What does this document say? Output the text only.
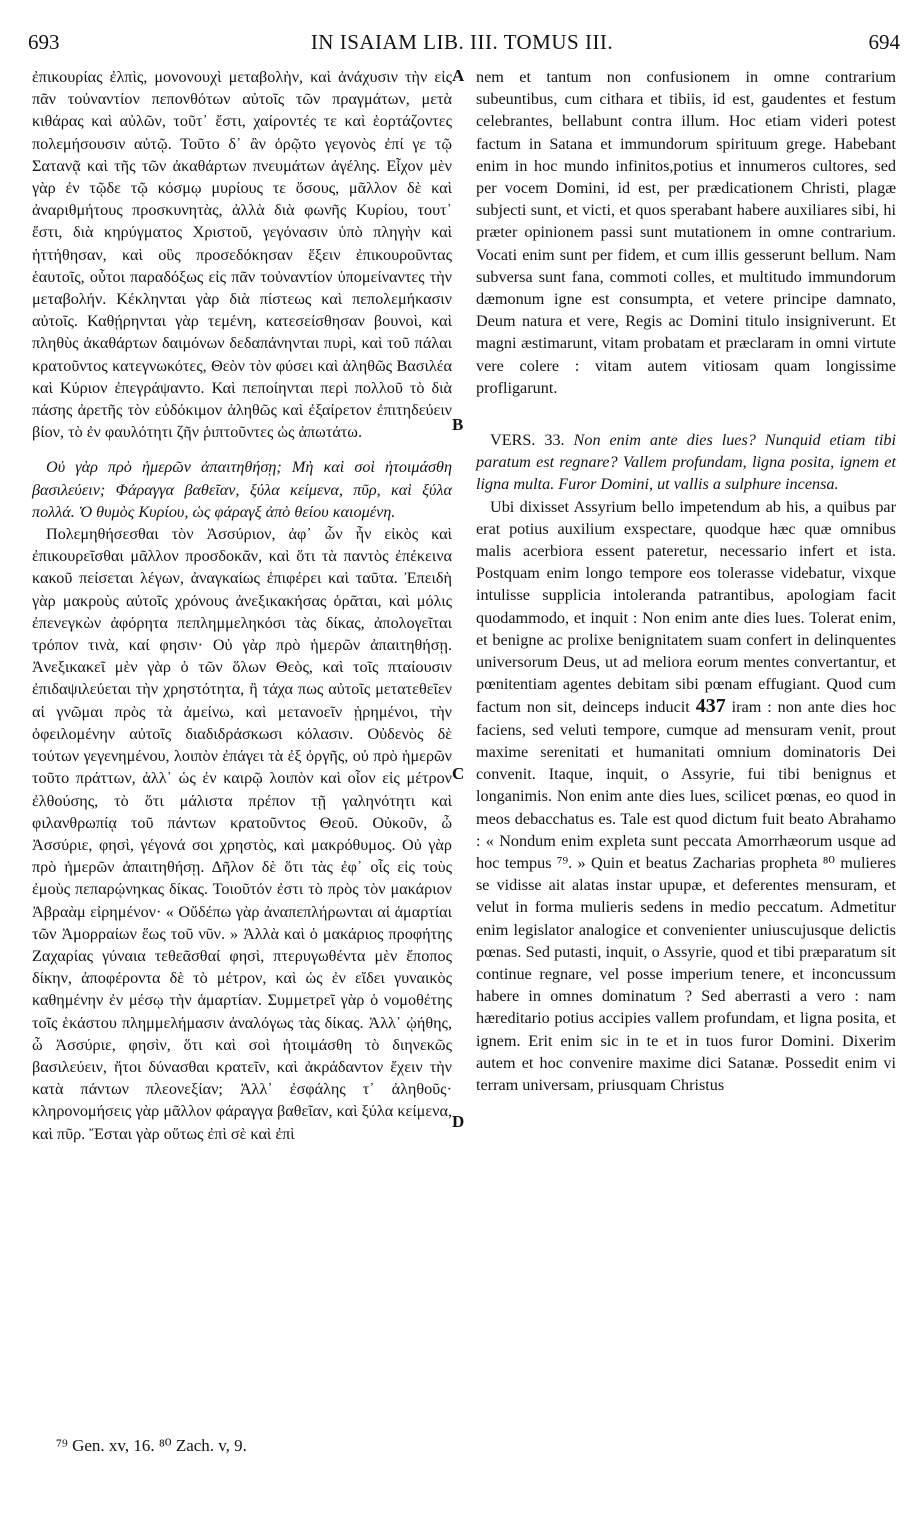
693	IN ISAIAM LIB. III. TOMUS III.	694

ἐπικουρίας ἐλπὶς, μονονουχὶ μεταβολὴν, καὶ ἀνάχυσιν τὴν εἰς πᾶν τοὐναντίον πεπονθότων αὐτοῖς τῶν πραγμάτων, μετὰ κιθάρας καὶ αὐλῶν, τοῦτ᾽ ἔστι, χαίροντές τε καὶ ἑορτάζοντες πολεμήσουσιν αὐτῷ. Τοῦτο δ᾽ ἂν ὁρῷτο γεγονὸς ἐπί γε τῷ Σατανᾷ καὶ τῆς τῶν ἀκαθάρτων πνευμάτων ἀγέλης. Εἶχον μὲν γὰρ ἐν τῷδε τῷ κόσμῳ μυρίους τε ὅσους, μᾶλλον δὲ καὶ ἀναριθμήτους προσκυνητὰς, ἀλλὰ διὰ φωνῆς Κυρίου, τουτ᾽ ἔστι, διὰ κηρύγματος Χριστοῦ, γεγόνασιν ὑπὸ πληγὴν καὶ ἡττήθησαν, καὶ οὓς προσεδόκησαν ἕξειν ἐπικουροῦντας ἑαυτοῖς, οὗτοι παραδόξως εἰς πᾶν τοὐναντίον ὑπομείναντες τὴν μεταβολήν. Κέκληνται γὰρ διὰ πίστεως καὶ πεπολεμήκασιν αὐτοῖς. Καθῄρηνται γὰρ τεμένη, κατεσείσθησαν βουνοὶ, καὶ πληθὺς ἀκαθάρτων δαιμόνων δεδαπάνηνται πυρὶ, καὶ τοῦ πάλαι κρατοῦντος κατεγνωκότες, Θεὸν τὸν φύσει καὶ ἀληθῶς Βασιλέα καὶ Κύριον ἐπεγράψαντο. Καὶ πεποίηνται περὶ πολλοῦ τὸ διὰ πάσης ἀρετῆς τὸν εὐδόκιμον ἀληθῶς καὶ ἐξαίρετον ἐπιτηδεύειν βίον, τὸ ἐν φαυλότητι ζῆν ῥιπτοῦντες ὡς ἀπωτάτω.

Οὐ γὰρ πρὸ ἡμερῶν ἀπαιτηθήσῃ; Μὴ καὶ σοὶ ἡτοιμάσθη βασιλεύειν; Φάραγγα βαθεῖαν, ξύλα κείμενα, πῦρ, καὶ ξύλα πολλά. Ὁ θυμὸς Κυρίου, ὡς φάραγξ ἀπὸ θείου καιομένη.

Πολεμηθήσεσθαι τὸν Ἀσσύριον, ἀφ᾽ ὧν ἦν εἰκὸς καὶ ἐπικουρεῖσθαι μᾶλλον προσδοκᾶν, καὶ ὅτι τὰ παντὸς ἐπέκεινα κακοῦ πείσεται λέγων, ἀναγκαίως ἐπιφέρει καὶ ταῦτα. Ἐπειδὴ γὰρ μακροὺς αὐτοῖς χρόνους ἀνεξικακήσας ὁρᾶται, καὶ μόλις ἐπενεγκὼν ἀφόρητα πεπλημμεληκόσι τὰς δίκας, ἀπολογεῖται τρόπον τινὰ, καί φησιν· Οὐ γὰρ πρὸ ἡμερῶν ἀπαιτηθήσῃ. Ἀνεξικακεῖ μὲν γὰρ ὁ τῶν ὅλων Θεὸς, καὶ τοῖς πταίουσιν ἐπιδαψιλεύεται τὴν χρηστότητα, ἢ τάχα πως αὐτοῖς μετατεθεῖεν αἱ γνῶμαι πρὸς τὰ ἀμείνω, καὶ μετανοεῖν ᾑρημένοι, τὴν ὀφειλομένην αὐτοῖς διαδιδράσκωσι κόλασιν. Οὐδενὸς δὲ τούτων γεγενημένου, λοιπὸν ἐπάγει τὰ ἐξ ὀργῆς, οὐ πρὸ ἡμερῶν τοῦτο πράττων, ἀλλ᾽ ὡς ἐν καιρῷ λοιπὸν καὶ οἷον εἰς μέτρον ἐλθούσης, τὸ ὅτι μάλιστα πρέπον τῇ γαληνότητι καὶ φιλανθρωπίᾳ τοῦ πάντων κρατοῦντος Θεοῦ. Οὐκοῦν, ὦ Ἀσσύριε, φησὶ, γέγονά σοι χρηστὸς, καὶ μακρόθυμος. Οὐ γὰρ πρὸ ἡμερῶν ἀπαιτηθήσῃ. Δῆλον δὲ ὅτι τὰς ἐφ᾽ οἷς εἰς τοὺς ἐμοὺς πεπαρῴνηκας δίκας. Τοιοῦτόν ἐστι τὸ πρὸς τὸν μακάριον Ἀβραὰμ εἰρημένον· « Οὔδέπω γὰρ ἀναπεπλήρωνται αἱ ἁμαρτίαι τῶν Ἀμορραίων ἕως τοῦ νῦν. » Ἀλλὰ καὶ ὁ μακάριος προφήτης Ζαχαρίας γύναια τεθεᾶσθαί φησὶ, πτερυγωθέντα μὲν ἔποπος δίκην, ἀποφέροντα δὲ τὸ μέτρον, καὶ ὡς ἐν εἴδει γυναικὸς καθημένην ἐν μέσῳ τὴν ἁμαρτίαν. Συμμετρεῖ γὰρ ὁ νομοθέτης τοῖς ἑκάστου πλημμελήμασιν ἀναλόγως τὰς δίκας. Ἀλλ᾽ ᾠήθης, ὦ Ἀσσύριε, φησὶν, ὅτι καὶ σοὶ ἡτοιμάσθη τὸ διηνεκῶς βασιλεύειν, ἤτοι δύνασθαι κρατεῖν, καὶ ἀκράδαντον ἔχειν τὴν κατὰ πάντων πλεονεξίαν; Ἀλλ᾽ ἐσφάλης τ᾽ ἀληθοῦς· κληρονομήσεις γὰρ μᾶλλον φάραγγα βαθεῖαν, καὶ ξύλα κείμενα, καὶ πῦρ. Ἔσται γὰρ οὕτως ἐπὶ σὲ καὶ ἐπὶ

A
B
C
D

nem et tantum non confusionem in omne contrarium subeuntibus, cum cithara et tibiis, id est, gaudentes et festum celebrantes, bellabunt contra illum. Hoc etiam videri potest factum in Satana et immundorum spirituum grege. Habebant enim in hoc mundo infinitos,potius et innumeros cultores, sed per vocem Domini, id est, per prædicationem Christi, plagæ subjecti sunt, et victi, et quos sperabant habere auxiliares sibi, hi præter opinionem passi sunt mutationem in omne contrarium. Vocati enim sunt per fidem, et cum illis gesserunt bellum. Nam subversa sunt fana, commoti colles, et multitudo immundorum dæmonum igne est consumpta, et vetere principe damnato, Deum natura et vere, Regis ac Domini titulo insigniverunt. Et magni æstimarunt, vitam probatam et præclaram in omni virtute vere colere : vitam autem vitiosam quam longissime profligarunt.

VERS. 33. Non enim ante dies lues? Nunquid etiam tibi paratum est regnare? Vallem profundam, ligna posita, ignem et ligna multa. Furor Domini, ut vallis a sulphure incensa.

Ubi dixisset Assyrium bello impetendum ab his, a quibus par erat potius auxilium exspectare, quodque hæc quæ omnibus malis acerbiora essent pateretur, necessario infert et ista. Postquam enim longo tempore eos tolerasse videbatur, vixque intulisse supplicia intoleranda patrantibus, apologiam facit quodammodo, et inquit : Non enim ante dies lues. Tolerat enim, et benigne ac prolixe benignitatem suam confert in delinquentes universorum Deus, ut ad meliora eorum mentes convertantur, et pœnitentiam agentes debitam sibi pœnam effugiant. Quod cum factum non sit, deinceps inducit 437 iram : non ante dies hoc faciens, sed veluti tempore, cumque ad mensuram venit, prout maxime serenitati et humanitati omnium dominatoris Dei convenit. Itaque, inquit, o Assyrie, fui tibi benignus et longanimis. Non enim ante dies lues, scilicet pœnas, eo quod in meos debacchatus es. Tale est quod dictum fuit beato Abrahamo : « Nondum enim expleta sunt peccata Amorrhæorum usque ad hoc tempus ⁷⁹. » Quin et beatus Zacharias propheta ⁸⁰ mulieres se vidisse ait alatas instar upupæ, et deferentes mensuram, et velut in forma mulieris sedens in medio peccatum. Admetitur enim legislator analogice et convenienter uniuscujusque delictis pœnas. Sed putasti, inquit, o Assyrie, quod et tibi præparatum sit continue regnare, vel posse imperium tenere, et inconcussum habere in omnes dominatum ? Sed aberrasti a vero : nam hæreditario potius accipies vallem profundam, et ligna posita, et ignem. Erit enim sic in te et in tuos furor Domini. Dixerim autem et hoc convenire maxime dici Satanæ. Possedit enim vi terram universam, priusquam Christus

⁷⁹ Gen. xv, 16. ⁸⁰ Zach. v, 9.
